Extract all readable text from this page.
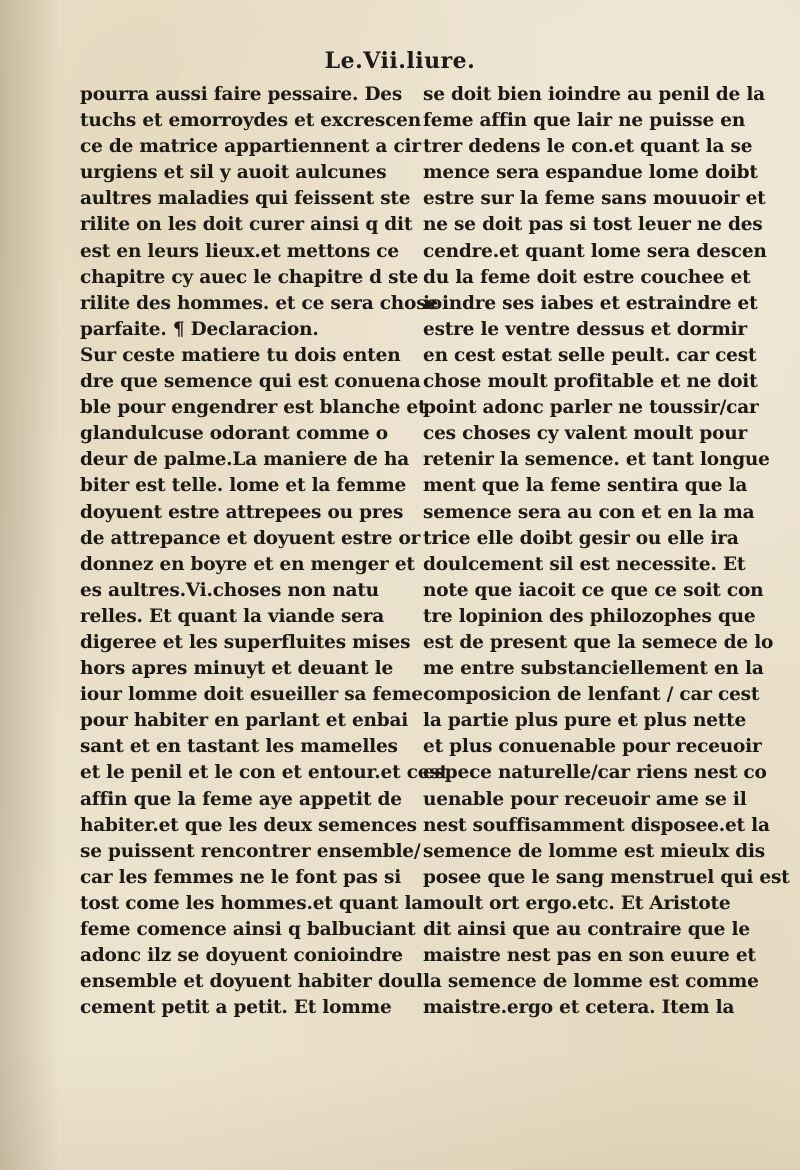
Le.Vii.liure.
pourra aussi faire pessaire. Des
tuchs et emorroydes et excrescen
ce de matrice appartiennent a cir
urgiens et sil y auoit aulcunes
aultres maladies qui feissent ste
rilite on les doit curer ainsi q dit
est en leurs lieux.et mettons ce
chapitre cy auec le chapitre d ste
rilite des hommes. et ce sera chose
parfaite. ¶ Declaracion.
Sur ceste matiere tu dois enten
dre que semence qui est conuena
ble pour engendrer est blanche et
glandulcuse odorant comme o
deur de palme.La maniere de ha
biter est telle. lome et la femme
doyuent estre attrepees ou pres
de attrepance et doyuent estre or
donnez en boyre et en menger et
es aultres.Vi.choses non natu
relles. Et quant la viande sera
digeree et les superfluites mises
hors apres minuyt et deuant le
iour lomme doit esueiller sa feme
pour habiter en parlant et enbai
sant et en tastant les mamelles
et le penil et le con et entour.et cest
affin que la feme aye appetit de
habiter.et que les deux semences
se puissent rencontrer ensemble/
car les femmes ne le font pas si
tost come les hommes.et quant la
feme comence ainsi q balbuciant
adonc ilz se doyuent conioindre
ensemble et doyuent habiter doul
cement petit a petit. Et lomme
se doit bien ioindre au penil de la
feme affin que lair ne puisse en
trer dedens le con.et quant la se
mence sera espandue lome doibt
estre sur la feme sans mouuoir et
ne se doit pas si tost leuer ne des
cendre.et quant lome sera descen
du la feme doit estre couchee et
ioindre ses iabes et estraindre et
estre le ventre dessus et dormir
en cest estat selle peult. car cest
chose moult profitable et ne doit
point adonc parler ne toussir/car
ces choses cy valent moult pour
retenir la semence. et tant longue
ment que la feme sentira que la
semence sera au con et en la ma
trice elle doibt gesir ou elle ira
doulcement sil est necessite. Et
note que iacoit ce que ce soit con
tre lopinion des philozophes que
est de present que la semece de lo
me entre substanciellement en la
composicion de lenfant / car cest
la partie plus pure et plus nette
et plus conuenable pour receuoir
espece naturelle/car riens nest co
uenable pour receuoir ame se il
nest souffisamment disposee.et la
semence de lomme est mieulx dis
posee que le sang menstruel qui est
moult ort ergo.etc. Et Aristote
dit ainsi que au contraire que le
maistre nest pas en son euure et
la semence de lomme est comme
maistre.ergo et cetera. Item la
